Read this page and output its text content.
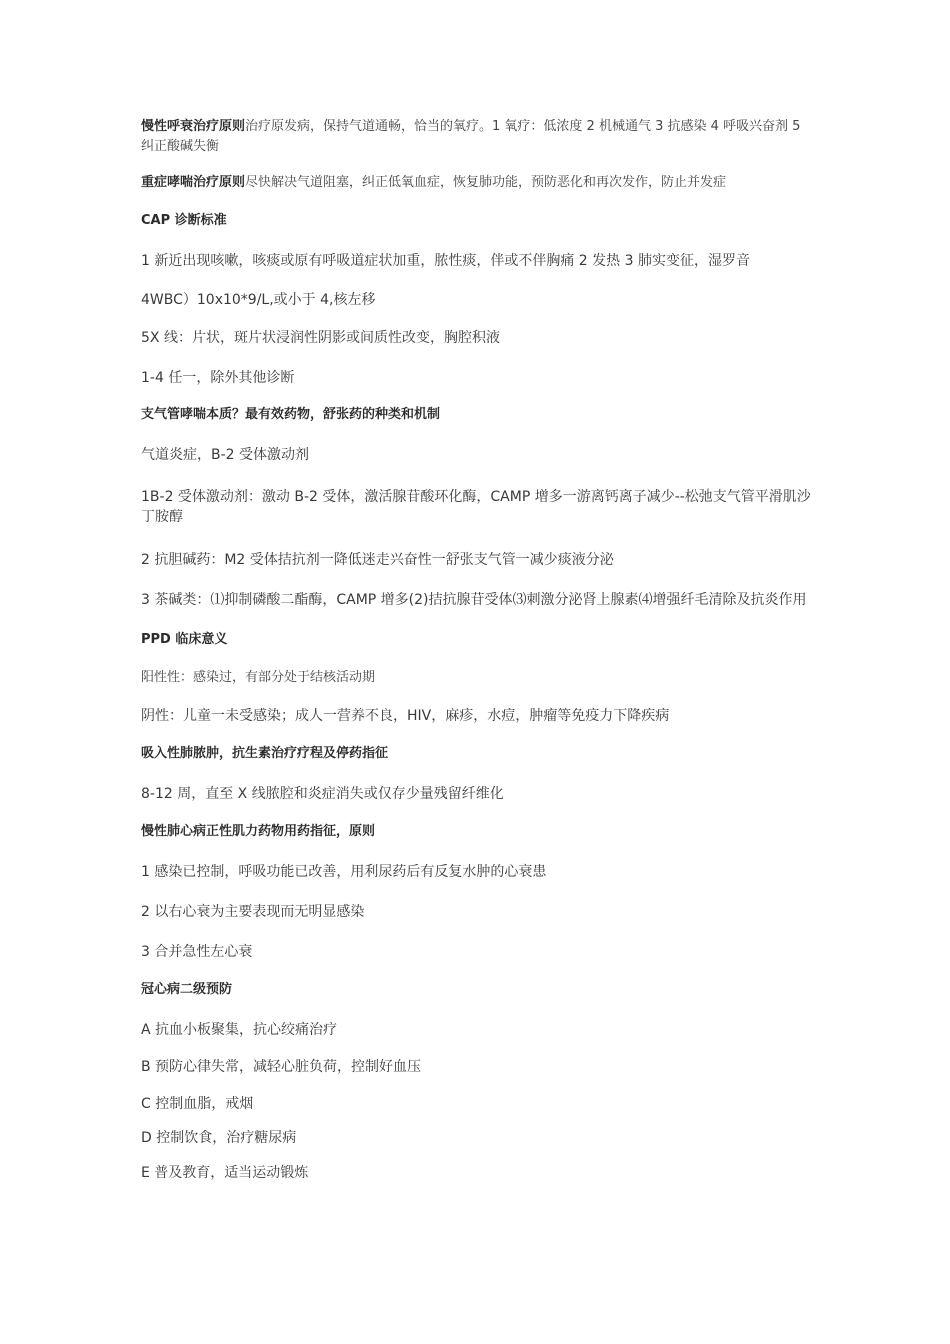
慢性呼衰治疗原则治疗原发病，保持气道通畅，恰当的氧疗。1 氧疗：低浓度 2 机械通气 3 抗感染 4 呼吸兴奋剂 5 纠正酸碱失衡
重症哮喘治疗原则尽快解决气道阻塞，纠正低氧血症，恢复肺功能，预防恶化和再次发作，防止并发症
CAP 诊断标准
1 新近出现咳嗽，咳痰或原有呼吸道症状加重，脓性痰，伴或不伴胸痛 2 发热 3 肺实变征，湿罗音
4WBC）10x10*9/L,或小于 4,核左移
5X 线：片状，斑片状浸润性阴影或间质性改变，胸腔积液
1-4 任一，除外其他诊断
支气管哮喘本质？最有效药物，舒张药的种类和机制
气道炎症，B-2 受体激动剂
1B-2 受体激动剂：激动 B-2 受体，激活腺苷酸环化酶，CAMP 增多一游离钙离子减少--松弛支气管平滑肌沙丁胺醇
2 抗胆碱药：M2 受体拮抗剂一降低迷走兴奋性一舒张支气管一减少痰液分泌
3 茶碱类：⑴抑制磷酸二酯酶，CAMP 增多(2)拮抗腺苷受体⑶刺激分泌肾上腺素⑷增强纤毛清除及抗炎作用
PPD 临床意义
阳性性：感染过，有部分处于结核活动期
阴性：儿童一未受感染；成人一营养不良，HIV，麻疹，水痘，肿瘤等免疫力下降疾病
吸入性肺脓肿，抗生素治疗疗程及停药指征
8-12 周，直至 X 线脓腔和炎症消失或仅存少量残留纤维化
慢性肺心病正性肌力药物用药指征，原则
1 感染已控制，呼吸功能已改善，用利尿药后有反复水肿的心衰患
2 以右心衰为主要表现而无明显感染
3 合并急性左心衰
冠心病二级预防
A 抗血小板聚集，抗心绞痛治疗
B 预防心律失常，减轻心脏负荷，控制好血压
C 控制血脂，戒烟
D 控制饮食，治疗糖尿病
E 普及教育，适当运动锻炼
